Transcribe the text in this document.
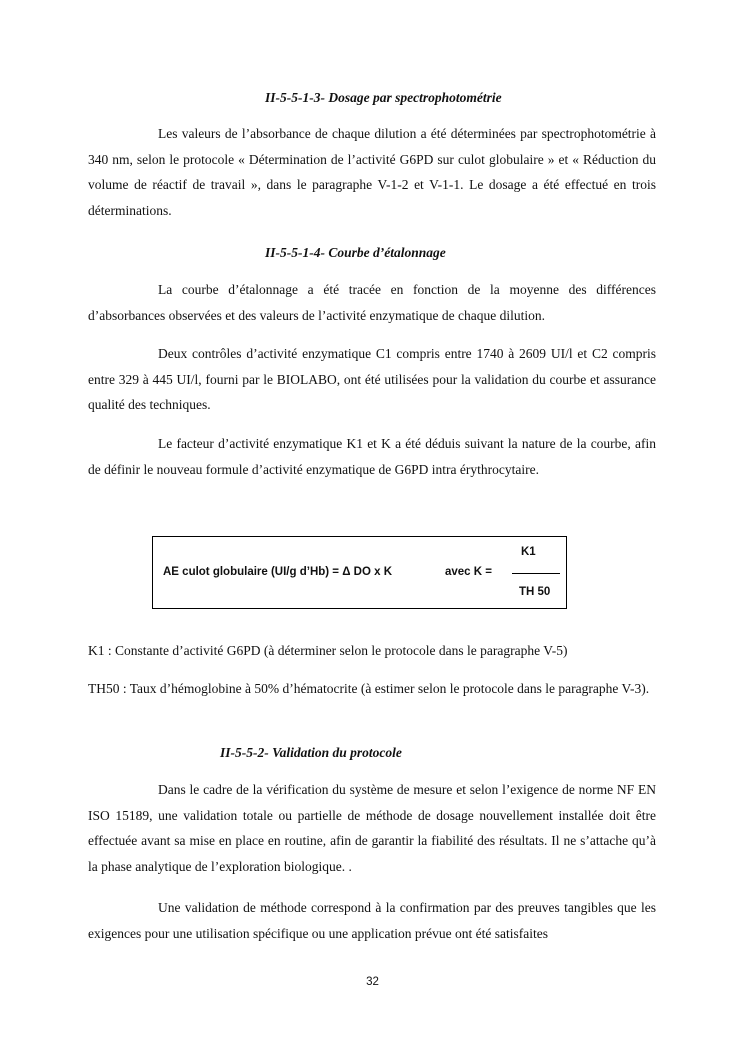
II-5-5-1-3- Dosage par spectrophotométrie

Les valeurs de l’absorbance de chaque dilution a été déterminées par spectrophotométrie à 340 nm, selon le protocole « Détermination de l’activité G6PD sur culot globulaire » et « Réduction du volume de réactif de travail », dans le paragraphe V-1-2 et V-1-1. Le dosage a été effectué en trois déterminations.

II-5-5-1-4- Courbe d’étalonnage

La courbe d’étalonnage a été tracée en fonction de la moyenne des différences d’absorbances observées et des valeurs de l’activité enzymatique de chaque dilution.

Deux contrôles d’activité enzymatique C1 compris entre 1740 à 2609 UI/l et C2 compris entre 329 à 445 UI/l, fourni par le BIOLABO, ont été utilisées pour la validation du courbe et assurance qualité des techniques.

Le facteur d’activité enzymatique K1 et K a été déduis suivant la nature de la courbe, afin de définir le nouveau formule d’activité enzymatique de G6PD intra érythrocytaire.

AE culot globulaire (UI/g d’Hb) = Δ DO x K	avec K =
K1
TH 50

K1 : Constante d’activité G6PD (à déterminer selon le protocole dans le paragraphe V-5)

TH50 : Taux d’hémoglobine à 50% d’hématocrite (à estimer selon le protocole dans le paragraphe V-3).

II-5-5-2- Validation du protocole

Dans le cadre de la vérification du système de mesure et selon l’exigence de norme NF EN ISO 15189, une validation totale ou partielle de méthode de dosage nouvellement installée doit être effectuée avant sa mise en place en routine, afin de garantir la fiabilité des résultats. Il ne s’attache qu’à la phase analytique de l’exploration biologique. .

Une validation de méthode correspond à la confirmation par des preuves tangibles que les exigences pour une utilisation spécifique ou une application prévue ont été satisfaites

32
